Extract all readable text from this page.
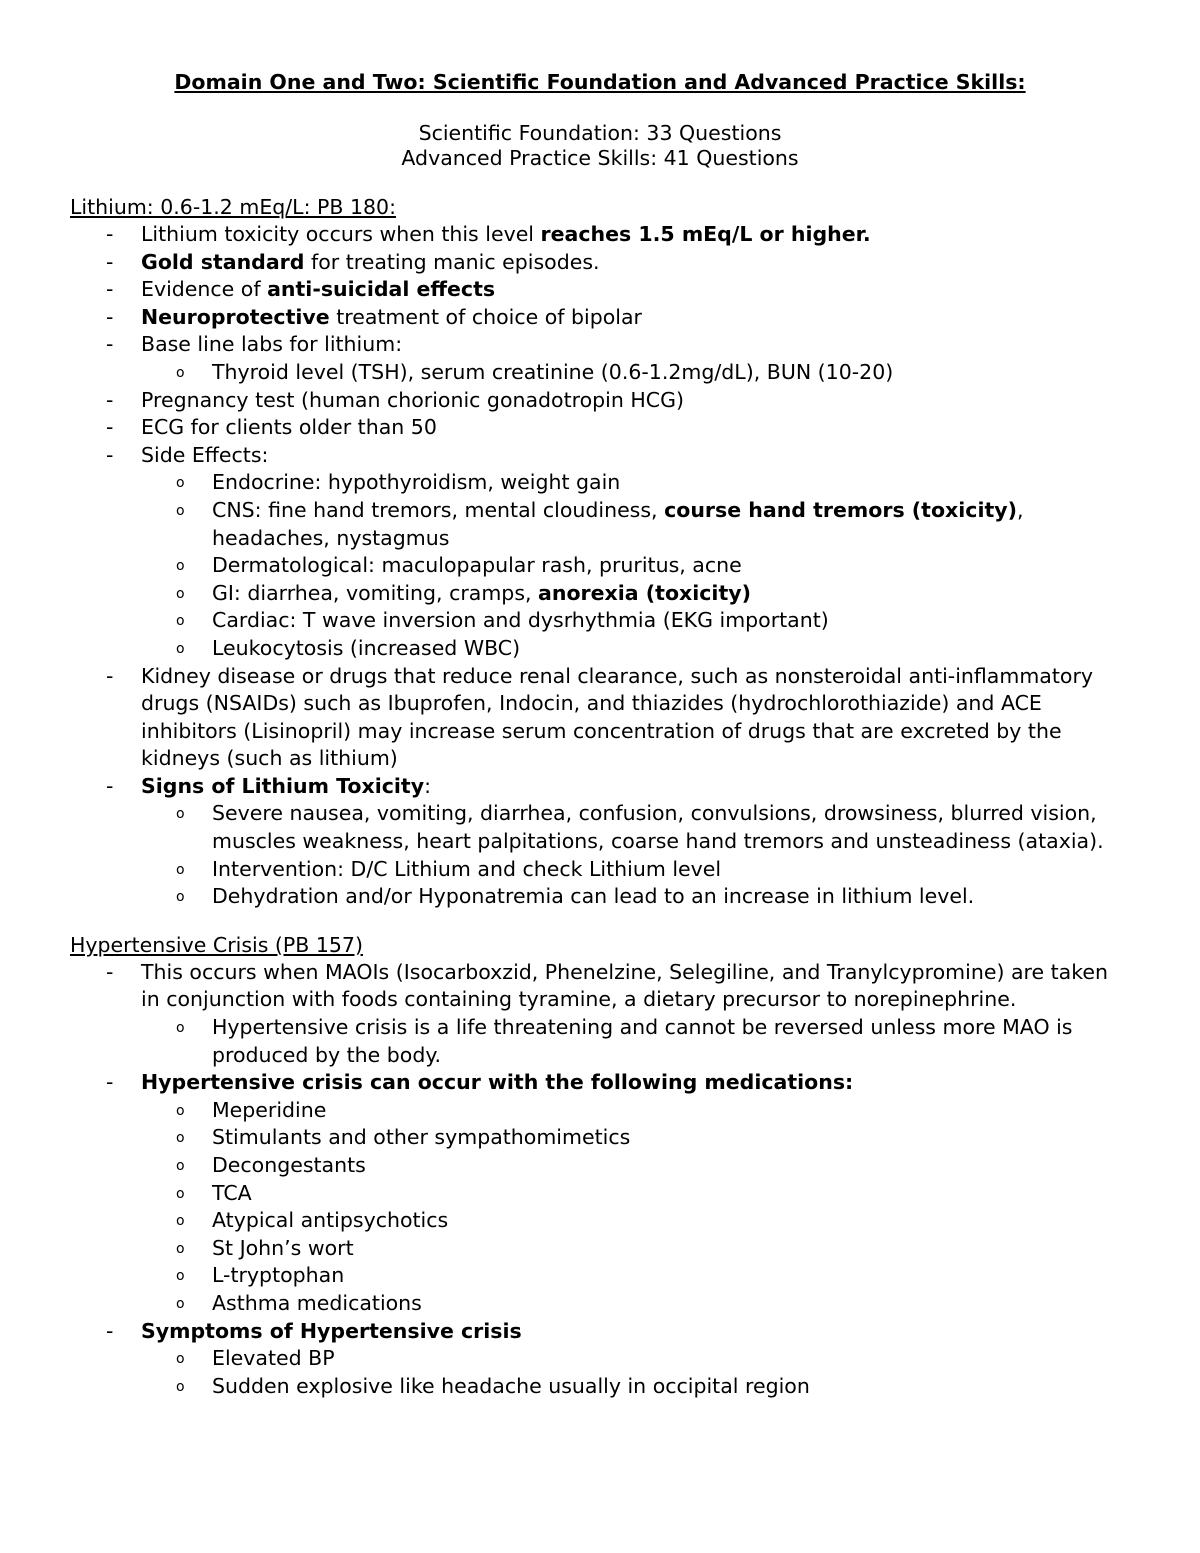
Domain One and Two: Scientific Foundation and Advanced Practice Skills:

Scientific Foundation: 33 Questions

Advanced Practice Skills: 41 Questions

Lithium: 0.6-1.2 mEq/L: PB 180:

- Lithium toxicity occurs when this level reaches 1.5 mEq/L or higher.
- Gold standard for treating manic episodes.
- Evidence of anti-suicidal effects
- Neuroprotective treatment of choice of bipolar
- Base line labs for lithium:
o Thyroid level (TSH), serum creatinine (0.6-1.2mg/dL), BUN (10-20)
- Pregnancy test (human chorionic gonadotropin HCG)
- ECG for clients older than 50
- Side Effects:
o Endocrine: hypothyroidism, weight gain
o CNS: fine hand tremors, mental cloudiness, course hand tremors (toxicity), headaches, nystagmus
o Dermatological: maculopapular rash, pruritus, acne
o GI: diarrhea, vomiting, cramps, anorexia (toxicity)
o Cardiac: T wave inversion and dysrhythmia (EKG important)
o Leukocytosis (increased WBC)
- Kidney disease or drugs that reduce renal clearance, such as nonsteroidal anti-inflammatory drugs (NSAIDs) such as Ibuprofen, Indocin, and thiazides (hydrochlorothiazide) and ACE inhibitors (Lisinopril) may increase serum concentration of drugs that are excreted by the kidneys (such as lithium)
- Signs of Lithium Toxicity:
o Severe nausea, vomiting, diarrhea, confusion, convulsions, drowsiness, blurred vision, muscles weakness, heart palpitations, coarse hand tremors and unsteadiness (ataxia).
o Intervention: D/C Lithium and check Lithium level
o Dehydration and/or Hyponatremia can lead to an increase in lithium level.

Hypertensive Crisis (PB 157)

- This occurs when MAOIs (Isocarboxzid, Phenelzine, Selegiline, and Tranylcypromine) are taken in conjunction with foods containing tyramine, a dietary precursor to norepinephrine.
o Hypertensive crisis is a life threatening and cannot be reversed unless more MAO is produced by the body.
- Hypertensive crisis can occur with the following medications:
o Meperidine
o Stimulants and other sympathomimetics
o Decongestants
o TCA
o Atypical antipsychotics
o St John’s wort
o L-tryptophan
o Asthma medications
- Symptoms of Hypertensive crisis
o Elevated BP
o Sudden explosive like headache usually in occipital region
